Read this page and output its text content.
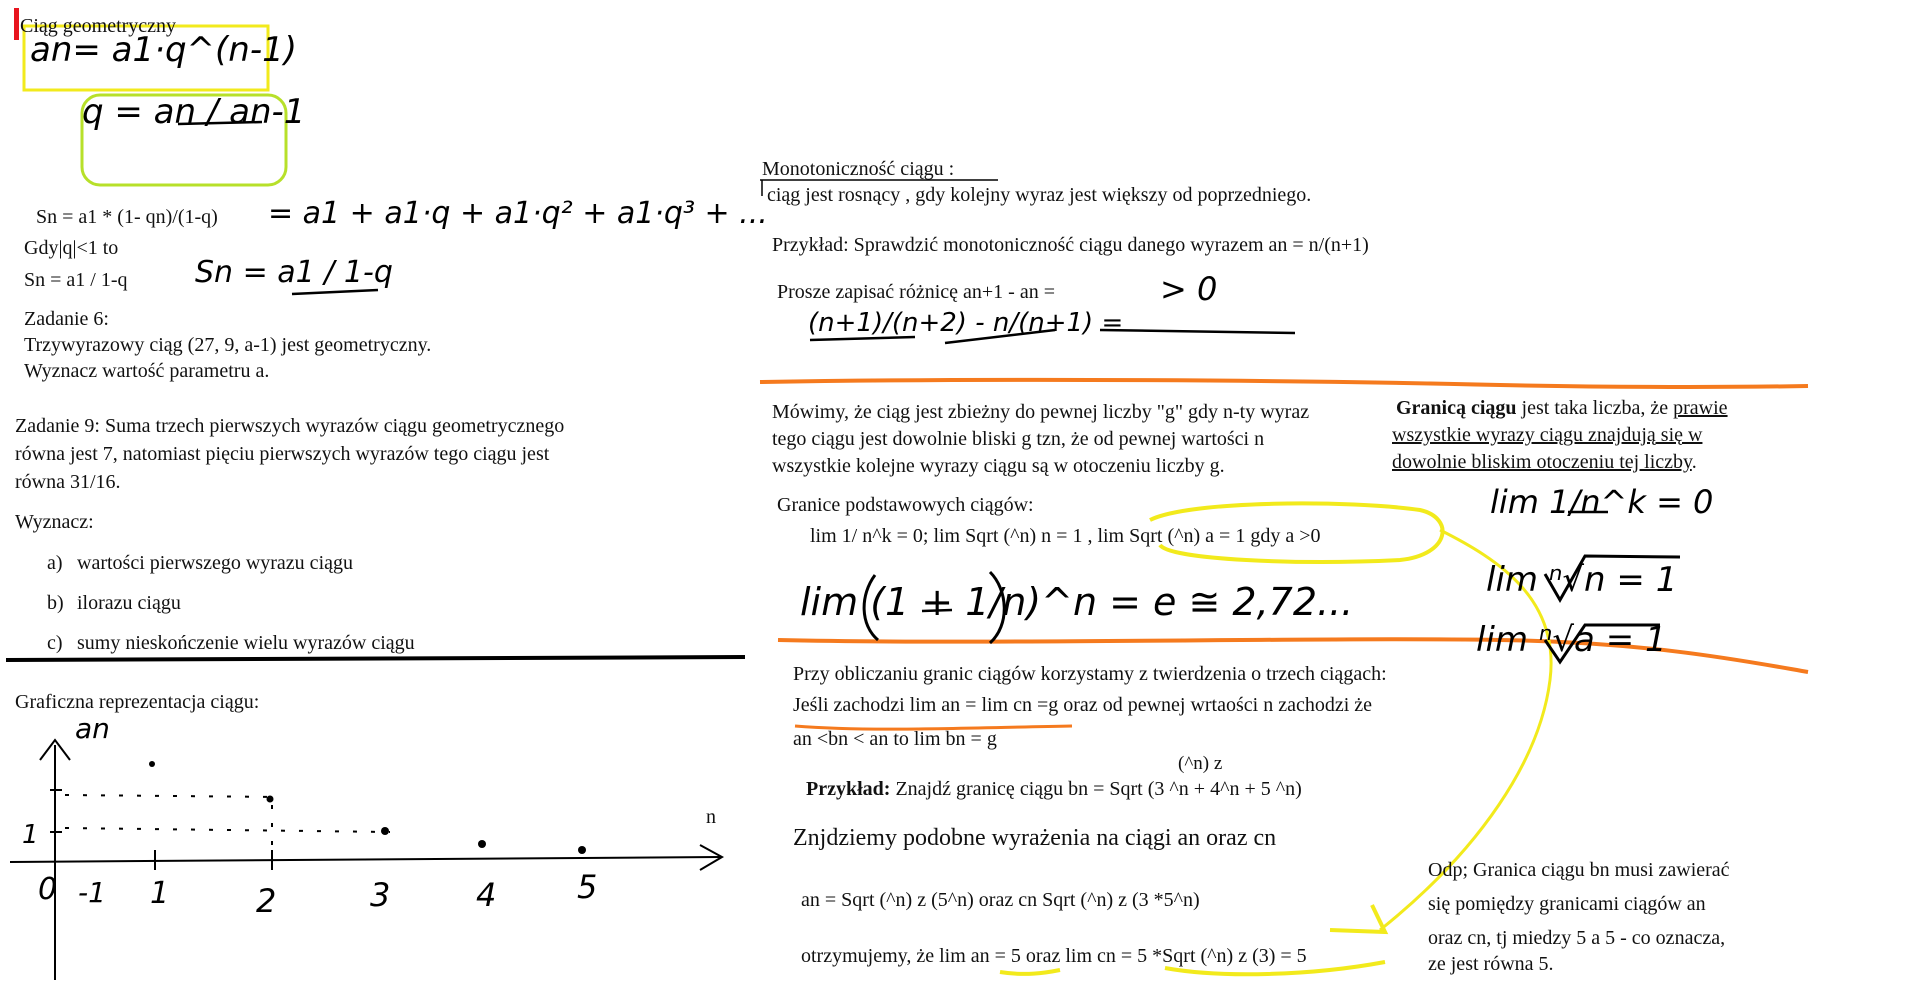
Ciąg geometryczny
an= a1·q^(n-1)
q = an / an-1
Sn = a1 * (1- qn)/(1-q) = a1 + a1·q + a1·q² + a1·q³ + ...
Gdy|q|<1 to
Sn = a1 / 1-q Sn = a1 / 1-q
Zadanie 6:
Trzywyrazowy ciąg (27, 9, a-1) jest geometryczny.
Wyznacz wartość parametru a.
Zadanie 9: Suma trzech pierwszych wyrazów ciągu geometrycznego
równa jest 7, natomiast pięciu pierwszych wyrazów tego ciągu jest
równa 31/16.
Wyznacz:
a) wartości pierwszego wyrazu ciągu
b) ilorazu ciągu
c) sumy nieskończenie wielu wyrazów ciągu
Graficzna reprezentacja ciągu:
an
n
1
0 -1 1	2	3	4	5
Monotoniczność ciągu :
ciąg jest rosnący , gdy kolejny wyraz jest większy od poprzedniego.
Przykład: Sprawdzić monotoniczność ciągu danego wyrazem an = n/(n+1)
Prosze zapisać różnicę an+1 - an =	> 0
(n+1)/(n+2) - n/(n+1) =
Mówimy, że ciąg jest zbieżny do pewnej liczby "g" gdy n-ty wyraz
tego ciągu jest dowolnie bliski g tzn, że od pewnej wartości n
wszystkie kolejne wyrazy ciągu są w otoczeniu liczby g.
Granicą ciągu jest taka liczba, że prawie
wszystkie wyrazy ciągu znajdują się w
dowolnie bliskim otoczeniu tej liczby.
Granice podstawowych ciągów:
lim 1/ n^k = 0; lim Sqrt (^n) n = 1 , lim Sqrt (^n) a = 1 gdy a >0
lim (1 + 1/n)^n = e ≅ 2,72...
lim 1/n^k = 0
lim ⁿ√n = 1
lim ⁿ√a = 1
Przy obliczaniu granic ciągów korzystamy z twierdzenia o trzech ciągach:
Jeśli zachodzi lim an = lim cn =g oraz od pewnej wrtaości n zachodzi że
an <bn < an to lim bn = g
(^n) z
Przykład: Znajdź granicę ciągu bn = Sqrt (3 ^n + 4^n + 5 ^n)
Znjdziemy podobne wyrażenia na ciągi an oraz cn
an = Sqrt (^n) z (5^n) oraz cn Sqrt (^n) z (3 *5^n)
otrzymujemy, że lim an = 5 oraz lim cn = 5 *Sqrt (^n) z (3) = 5
Odp; Granica ciągu bn musi zawierać
się pomiędzy granicami ciągów an
oraz cn, tj miedzy 5 a 5 - co oznacza,
ze jest równa 5.
